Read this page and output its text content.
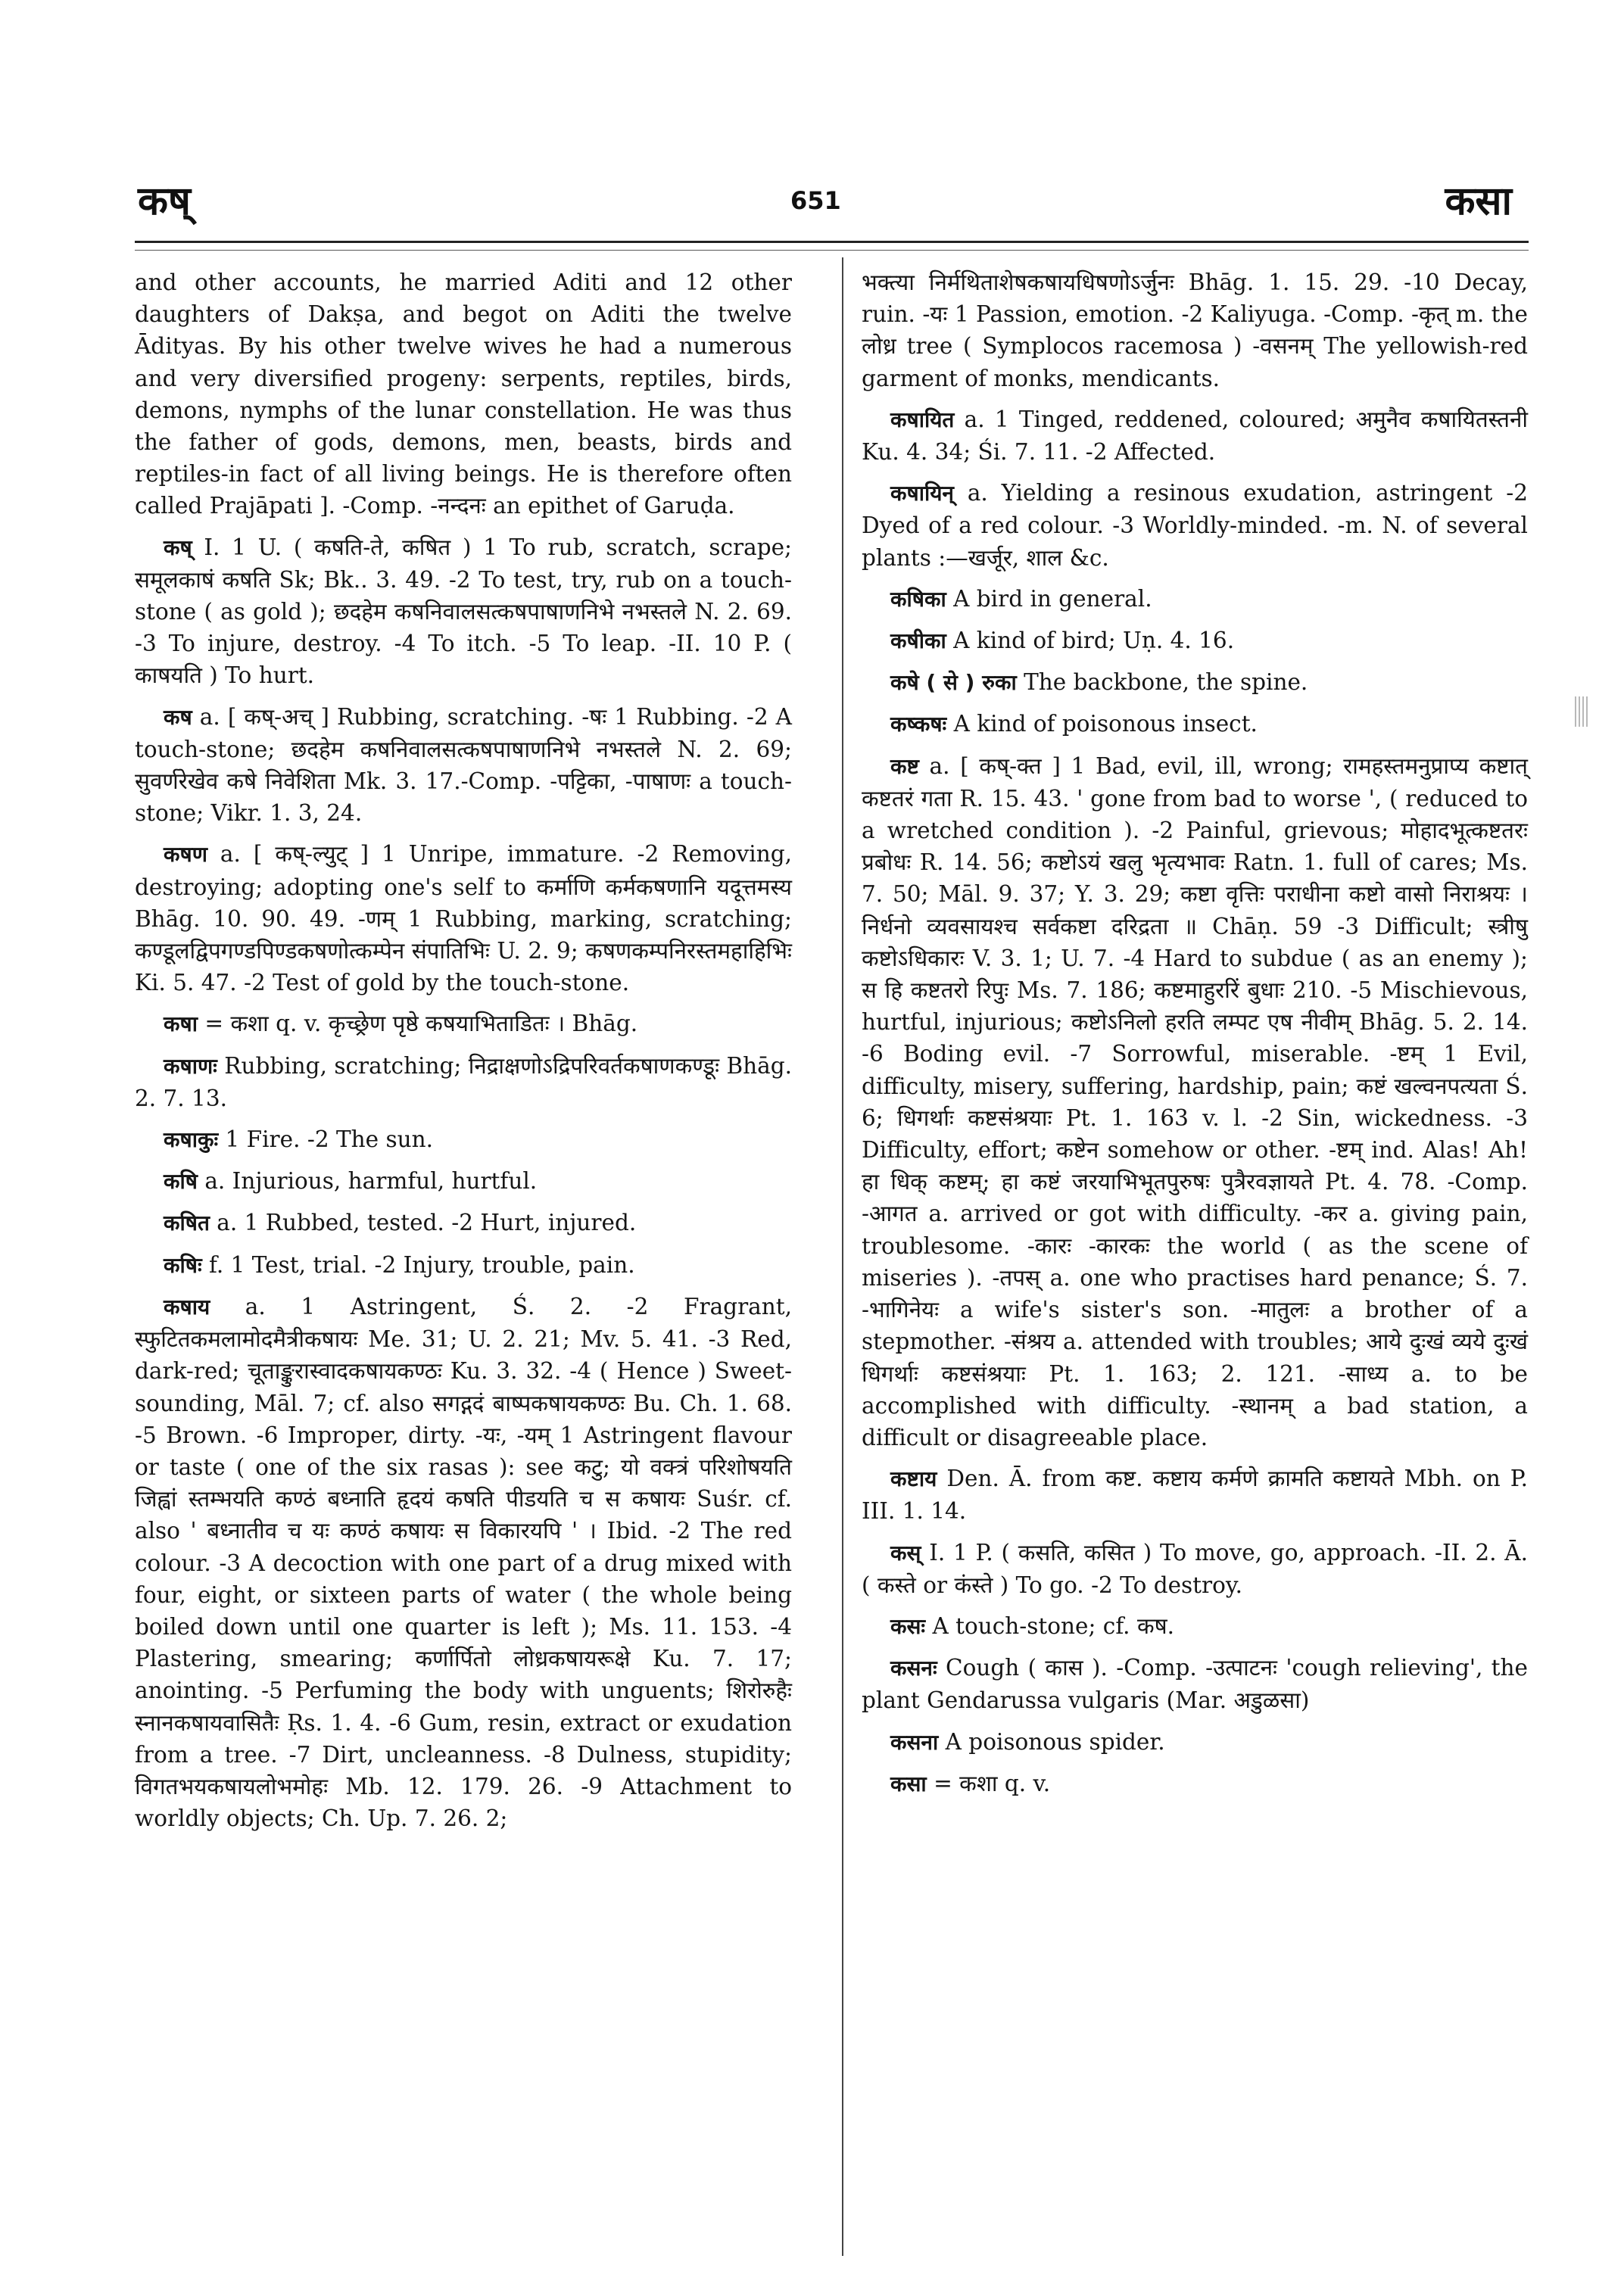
कष्	651	कसा

and other accounts, he married Aditi and 12 other daughters of Dakṣa, and begot on Aditi the twelve Ādityas. By his other twelve wives he had a numerous and very diversified progeny: serpents, reptiles, birds, demons, nymphs of the lunar constellation. He was thus the father of gods, demons, men, beasts, birds and reptiles-in fact of all living beings. He is therefore often called Prajāpati ]. -Comp. -नन्दनः an epithet of Garuḍa.

कष् I. 1 U. ( कषति-ते, कषित ) 1 To rub, scratch, scrape; समूलकाषं कषति Sk; Bk.. 3. 49. -2 To test, try, rub on a touch-stone ( as gold ); छदहेम कषनिवालसत्कषपाषाणनिभे नभस्तले N. 2. 69. -3 To injure, destroy. -4 To itch. -5 To leap. -II. 10 P. ( काषयति ) To hurt.

कष a. [ कष्-अच् ] Rubbing, scratching. -षः 1 Rubbing. -2 A touch-stone; छदहेम कषनिवालसत्कषपाषाणनिभे नभस्तले N. 2. 69; सुवर्णरेखेव कषे निवेशिता Mk. 3. 17.-Comp. -पट्टिका, -पाषाणः a touch-stone; Vikr. 1. 3, 24.

कषण a. [ कष्-ल्युट् ] 1 Unripe, immature. -2 Removing, destroying; adopting one's self to कर्माणि कर्मकषणानि यदूत्तमस्य Bhāg. 10. 90. 49. -णम् 1 Rubbing, marking, scratching; कण्डूलद्विपगण्डपिण्डकषणोत्कम्पेन संपातिभिः U. 2. 9; कषणकम्पनिरस्तमहाहिभिः Ki. 5. 47. -2 Test of gold by the touch-stone.

कषा = कशा q. v. कृच्छ्रेण पृष्ठे कषयाभिताडितः । Bhāg.

कषाणः Rubbing, scratching; निद्राक्षणोऽद्रिपरिवर्तकषाणकण्डूः Bhāg. 2. 7. 13.

कषाकुः 1 Fire. -2 The sun.

कषि a. Injurious, harmful, hurtful.

कषित a. 1 Rubbed, tested. -2 Hurt, injured.

कषिः f. 1 Test, trial. -2 Injury, trouble, pain.

कषाय a. 1 Astringent, Ś. 2. -2 Fragrant, स्फुटितकमलामोदमैत्रीकषायः Me. 31; U. 2. 21; Mv. 5. 41. -3 Red, dark-red; चूताङ्कुरास्वादकषायकण्ठः Ku. 3. 32. -4 ( Hence ) Sweet-sounding, Māl. 7; cf. also सगद्गदं बाष्पकषायकण्ठः Bu. Ch. 1. 68. -5 Brown. -6 Improper, dirty. -यः, -यम् 1 Astringent flavour or taste ( one of the six rasas ): see कटु; यो वक्त्रं परिशोषयति जिह्वां स्तम्भयति कण्ठं बध्नाति हृदयं कषति पीडयति च स कषायः Suśr. cf. also ' बध्नातीव च यः कण्ठं कषायः स विकारयपि ' । Ibid. -2 The red colour. -3 A decoction with one part of a drug mixed with four, eight, or sixteen parts of water ( the whole being boiled down until one quarter is left ); Ms. 11. 153. -4 Plastering, smearing; कर्णार्पितो लोध्रकषायरूक्षे Ku. 7. 17; anointing. -5 Perfuming the body with unguents; शिरोरुहैः स्नानकषायवासितैः Ṛs. 1. 4. -6 Gum, resin, extract or exudation from a tree. -7 Dirt, uncleanness. -8 Dulness, stupidity; विगतभयकषायलोभमोहः Mb. 12. 179. 26. -9 Attachment to worldly objects; Ch. Up. 7. 26. 2;

भक्त्या निर्मथिताशेषकषायधिषणोऽर्जुनः Bhāg. 1. 15. 29. -10 Decay, ruin. -यः 1 Passion, emotion. -2 Kaliyuga. -Comp. -कृत् m. the लोध्र tree ( Symplocos racemosa ) -वसनम् The yellowish-red garment of monks, mendicants.

कषायित a. 1 Tinged, reddened, coloured; अमुनैव कषायितस्तनी Ku. 4. 34; Śi. 7. 11. -2 Affected.

कषायिन् a. Yielding a resinous exudation, astringent -2 Dyed of a red colour. -3 Worldly-minded. -m. N. of several plants :—खर्जूर, शाल &c.

कषिका A bird in general.

कषीका A kind of bird; Uṇ. 4. 16.

कषे ( से ) रुका The backbone, the spine.

कष्कषः A kind of poisonous insect.

कष्ट a. [ कष्-क्त ] 1 Bad, evil, ill, wrong; रामहस्तमनुप्राप्य कष्टात् कष्टतरं गता R. 15. 43. ' gone from bad to worse ', ( reduced to a wretched condition ). -2 Painful, grievous; मोहादभूत्कष्टतरः प्रबोधः R. 14. 56; कष्टोऽयं खलु भृत्यभावः Ratn. 1. full of cares; Ms. 7. 50; Māl. 9. 37; Y. 3. 29; कष्टा वृत्तिः पराधीना कष्टो वासो निराश्रयः । निर्धनो व्यवसायश्च सर्वकष्टा दरिद्रता ॥ Chāṇ. 59 -3 Difficult; स्त्रीषु कष्टोऽधिकारः V. 3. 1; U. 7. -4 Hard to subdue ( as an enemy ); स हि कष्टतरो रिपुः Ms. 7. 186; कष्टमाहुररिं बुधाः 210. -5 Mischievous, hurtful, injurious; कष्टोऽनिलो हरति लम्पट एष नीवीम् Bhāg. 5. 2. 14. -6 Boding evil. -7 Sorrowful, miserable. -ष्टम् 1 Evil, difficulty, misery, suffering, hardship, pain; कष्टं खल्वनपत्यता Ś. 6; धिगर्थाः कष्टसंश्रयाः Pt. 1. 163 v. l. -2 Sin, wickedness. -3 Difficulty, effort; कष्टेन somehow or other. -ष्टम् ind. Alas! Ah! हा धिक् कष्टम्; हा कष्टं जरयाभिभूतपुरुषः पुत्रैरवज्ञायते Pt. 4. 78. -Comp. -आगत a. arrived or got with difficulty. -कर a. giving pain, troublesome. -कारः -कारकः the world ( as the scene of miseries ). -तपस् a. one who practises hard penance; Ś. 7. -भागिनेयः a wife's sister's son. -मातुलः a brother of a stepmother. -संश्रय a. attended with troubles; आये दुःखं व्यये दुःखं धिगर्थाः कष्टसंश्रयाः Pt. 1. 163; 2. 121. -साध्य a. to be accomplished with difficulty. -स्थानम् a bad station, a difficult or disagreeable place.

कष्टाय Den. Ā. from कष्ट. कष्टाय कर्मणे क्रामति कष्टायते Mbh. on P. III. 1. 14.

कस् I. 1 P. ( कसति, कसित ) To move, go, approach. -II. 2. Ā. ( कस्ते or कंस्ते ) To go. -2 To destroy.

कसः A touch-stone; cf. कष.

कसनः Cough ( कास ). -Comp. -उत्पाटनः 'cough relieving', the plant Gendarussa vulgaris (Mar. अडुळसा)

कसना A poisonous spider.

कसा = कशा q. v.
